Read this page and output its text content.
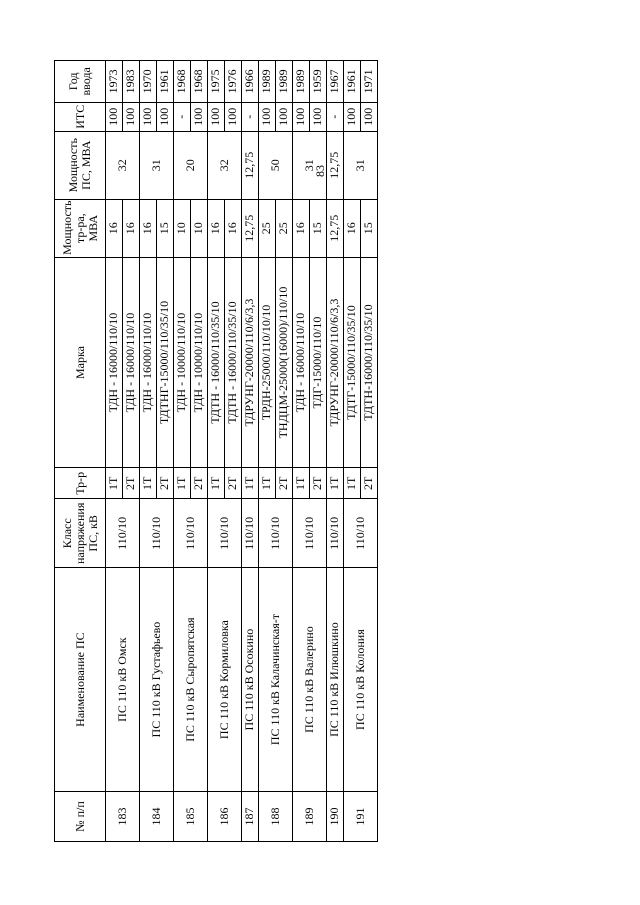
83
№ п/п	Наименование ПС	Класс напряжения ПС, кВ	Тр-р	Марка	Мощность тр-ра, МВА	Мощность ПС, МВА	ИТС	Год ввода
183	ПС 110 кВ Омск	110/10	1Т	ТДН - 16000/110/10	16	32	100	1973
			2Т	ТДН - 16000/110/10	16		100	1983
184	ПС 110 кВ Густафьево	110/10	1Т	ТДН - 16000/110/10	16	31	100	1970
			2Т	ТДТНГ-15000/110/35/10	15		100	1961
185	ПС 110 кВ Сыропятская	110/10	1Т	ТДН - 10000/110/10	10	20	-	1968
			2Т	ТДН - 10000/110/10	10		100	1968
186	ПС 110 кВ Кормиловка	110/10	1Т	ТДТН - 16000/110/35/10	16	32	100	1975
			2Т	ТДТН - 16000/110/35/10	16		100	1976
187	ПС 110 кВ Осокино	110/10	1Т	ТДРУНГ-20000/110/6/3,3	12,75	12,75	-	1966
188	ПС 110 кВ Калачинская-т	110/10	1Т	ТРДН-25000/110/10/10	25	50	100	1989
			2Т	ТНДЦМ-25000(16000)/110/10	25		100	1989
189	ПС 110 кВ Валерино	110/10	1Т	ТДН - 16000/110/10	16	31	100	1989
			2Т	ТДГ-15000/110/10	15		100	1959
190	ПС 110 кВ Илюшкино	110/10	1Т	ТДРУНГ-20000/110/6/3,3	12,75	12,75	-	1967
191	ПС 110 кВ Колония	110/10	1Т	ТДТГ-15000/110/35/10	16	31	100	1961
			2Т	ТДТН-16000/110/35/10	15		100	1971
